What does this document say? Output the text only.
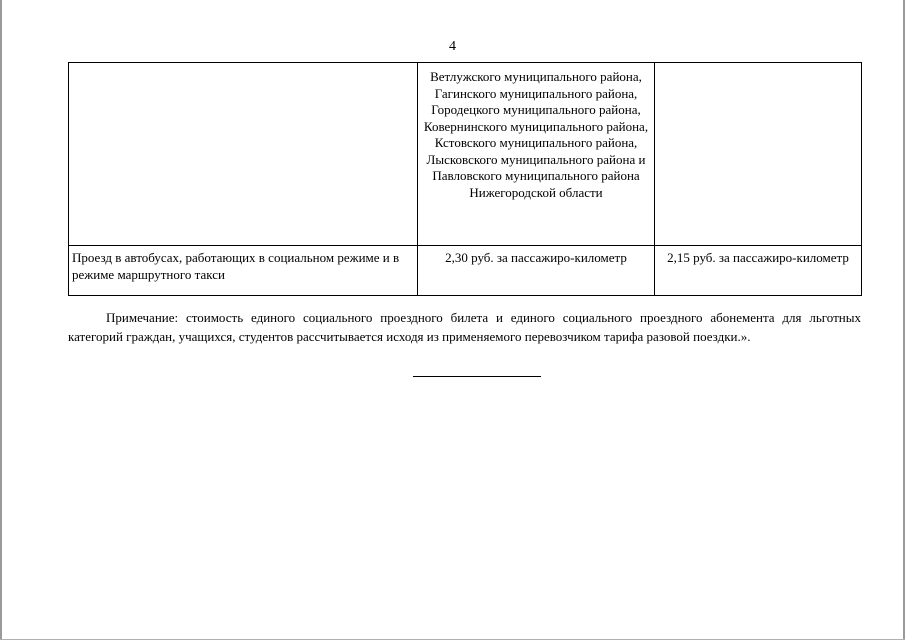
4
	Ветлужского муниципального района, Гагинского муниципального района, Городецкого муниципального района, Ковернинского муниципального района, Кстовского муниципального района, Лысковского муниципального района и Павловского муниципального района Нижегородской области	
Проезд в автобусах, работающих в социальном режиме и в режиме маршрутного такси	2,30 руб. за пассажиро-километр	2,15 руб. за пассажиро-километр

Примечание: стоимость единого социального проездного билета и единого социального проездного абонемента для льготных категорий граждан, учащихся, студентов рассчитывается исходя из применяемого перевозчиком тарифа разовой поездки.».
